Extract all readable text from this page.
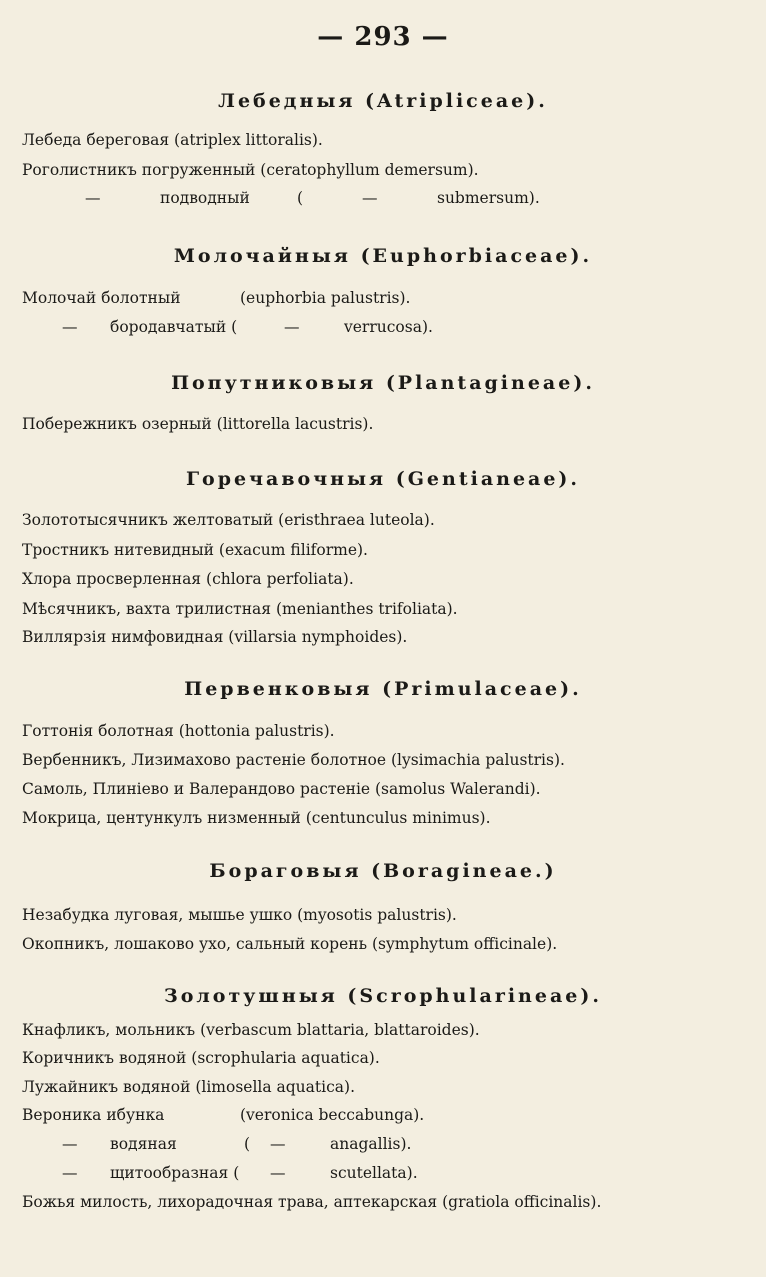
— 293 —
Лебедныя (Atriplіceae).
Лебеда береговая (atriplex littoralis).
Роголистникъ погруженный (ceratophyllum demersum).
—	подводный	(	—	submersum).
Молочайныя (Euphorbiaceae).
Молочай болотный	(euphorbia palustris).
— бородавчатый (	—	verrucosa).
Попутниковыя (Plantagineae).
Побережникъ озерный (littorella lacustris).
Горечавочныя (Gentianeae).
Золототысячникъ желтоватый (eristhraea luteola).
Тростникъ нитевидный (exacum filiforme).
Хлора просверленная (chlora perfoliata).
Мѣсячникъ, вахта трилистная (menianthes trifoliata).
Виллярзія нимфовидная (villarsia nymphoides).
Первенковыя (Primulaceae).
Готтонія болотная (hottonia palustris).
Вербенникъ, Лизимахово растеніе болотное (lysimachia palustris).
Самоль, Плиніево и Валерандово растеніе (samolus Walerandi).
Мокрица, центункулъ низменный (centunculus minimus).
Бораговыя (Boragineae.)
Незабудка луговая, мышье ушко (myosotis palustris).
Окопникъ, лошаково ухо, сальный корень (symphytum officinale).
Золотушныя (Scrophularineae).
Кнафликъ, мольникъ (verbascum blattaria, blattaroides).
Коричникъ водяной (scrophularia aquatica).
Лужайникъ водяной (limosella aquatica).
Вероника ибунка	(veronica beccabunga).
— водяная	( —	anagallis).
— щитообразная ( —	scutellata).
Божья милость, лихорадочная трава, аптекарская (gratiola officinalis).
